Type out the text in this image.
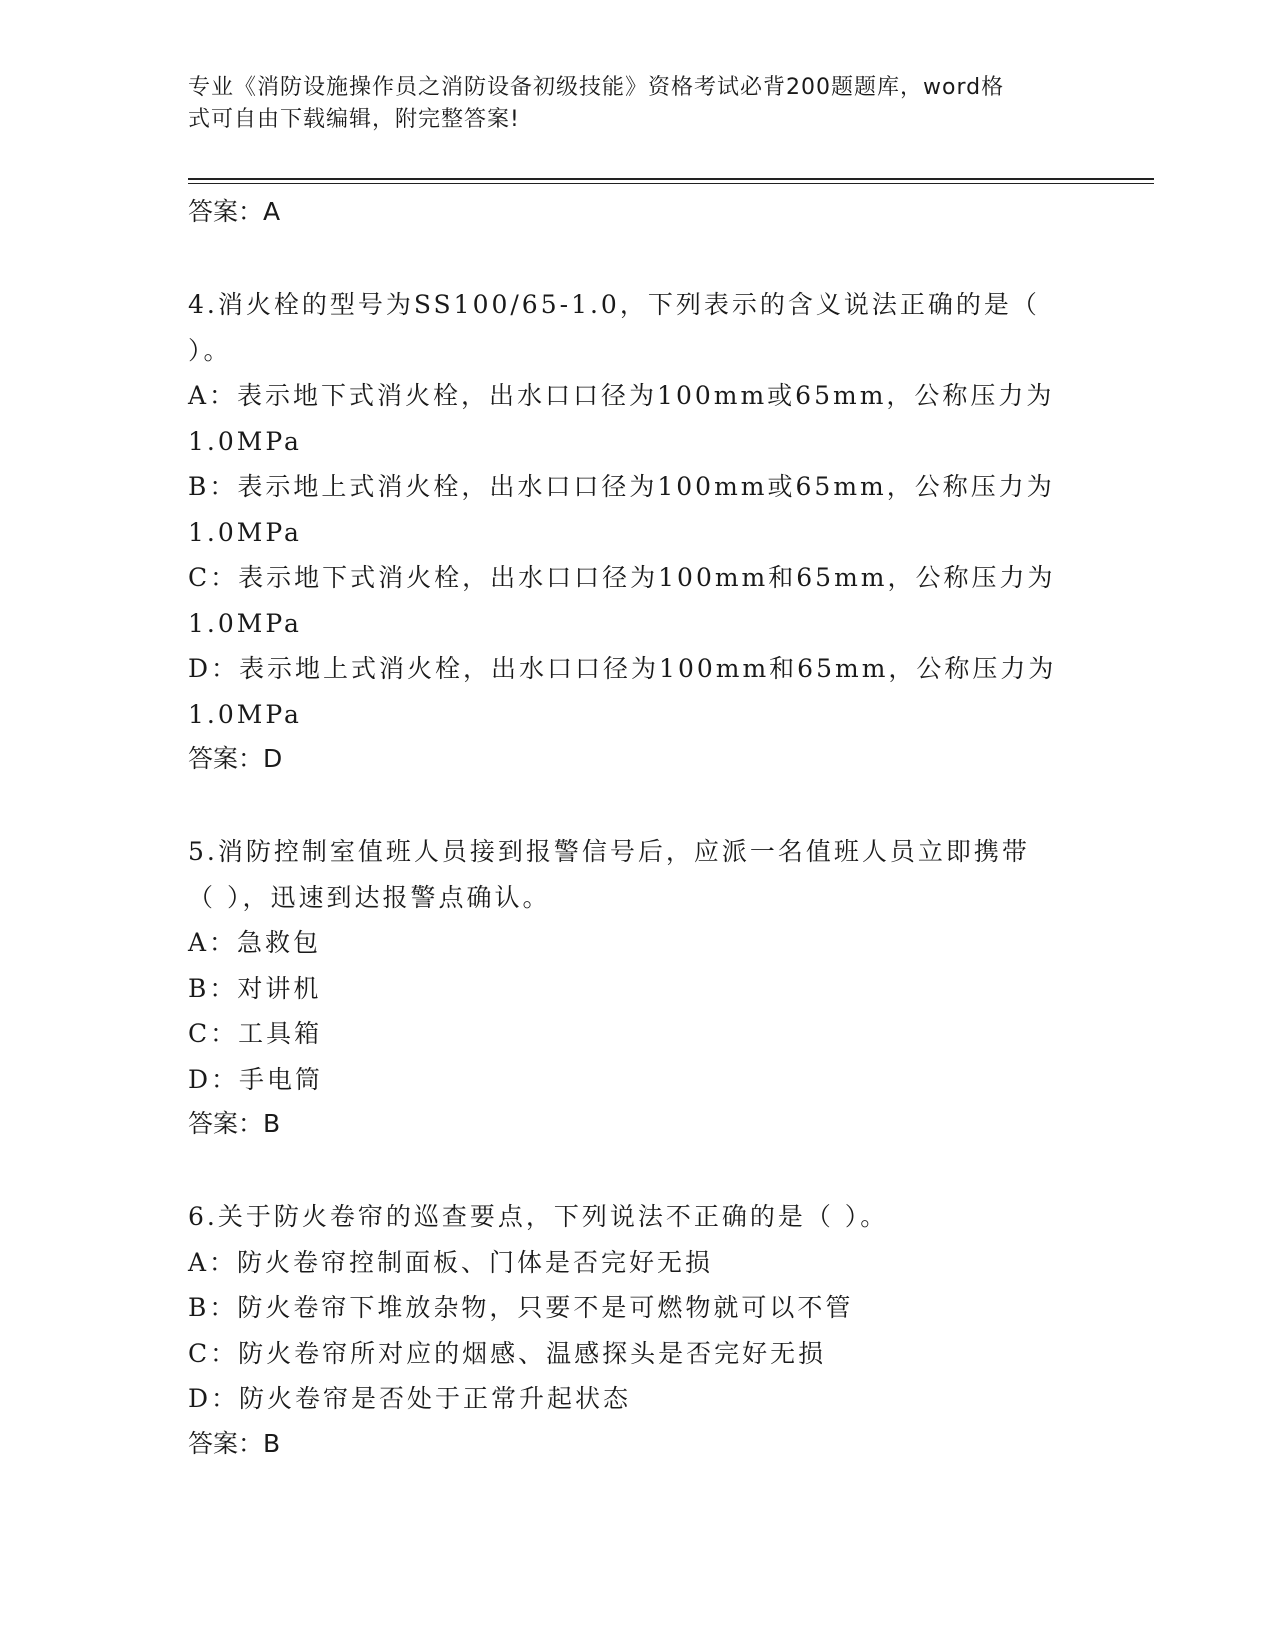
专业《消防设施操作员之消防设备初级技能》资格考试必背200题题库，word格
式可自由下载编辑，附完整答案!

答案：A

4.消火栓的型号为SS100/65-1.0，下列表示的含义说法正确的是（

）。

A：表示地下式消火栓，出水口口径为100mm或65mm，公称压力为

1.0MPa

B：表示地上式消火栓，出水口口径为100mm或65mm，公称压力为

1.0MPa

C：表示地下式消火栓，出水口口径为100mm和65mm，公称压力为

1.0MPa

D：表示地上式消火栓，出水口口径为100mm和65mm，公称压力为

1.0MPa

答案：D

5.消防控制室值班人员接到报警信号后，应派一名值班人员立即携带

（ ），迅速到达报警点确认。

A：急救包

B：对讲机

C：工具箱

D：手电筒

答案：B

6.关于防火卷帘的巡查要点，下列说法不正确的是（ ）。

A：防火卷帘控制面板、门体是否完好无损

B：防火卷帘下堆放杂物，只要不是可燃物就可以不管

C：防火卷帘所对应的烟感、温感探头是否完好无损

D：防火卷帘是否处于正常升起状态

答案：B
